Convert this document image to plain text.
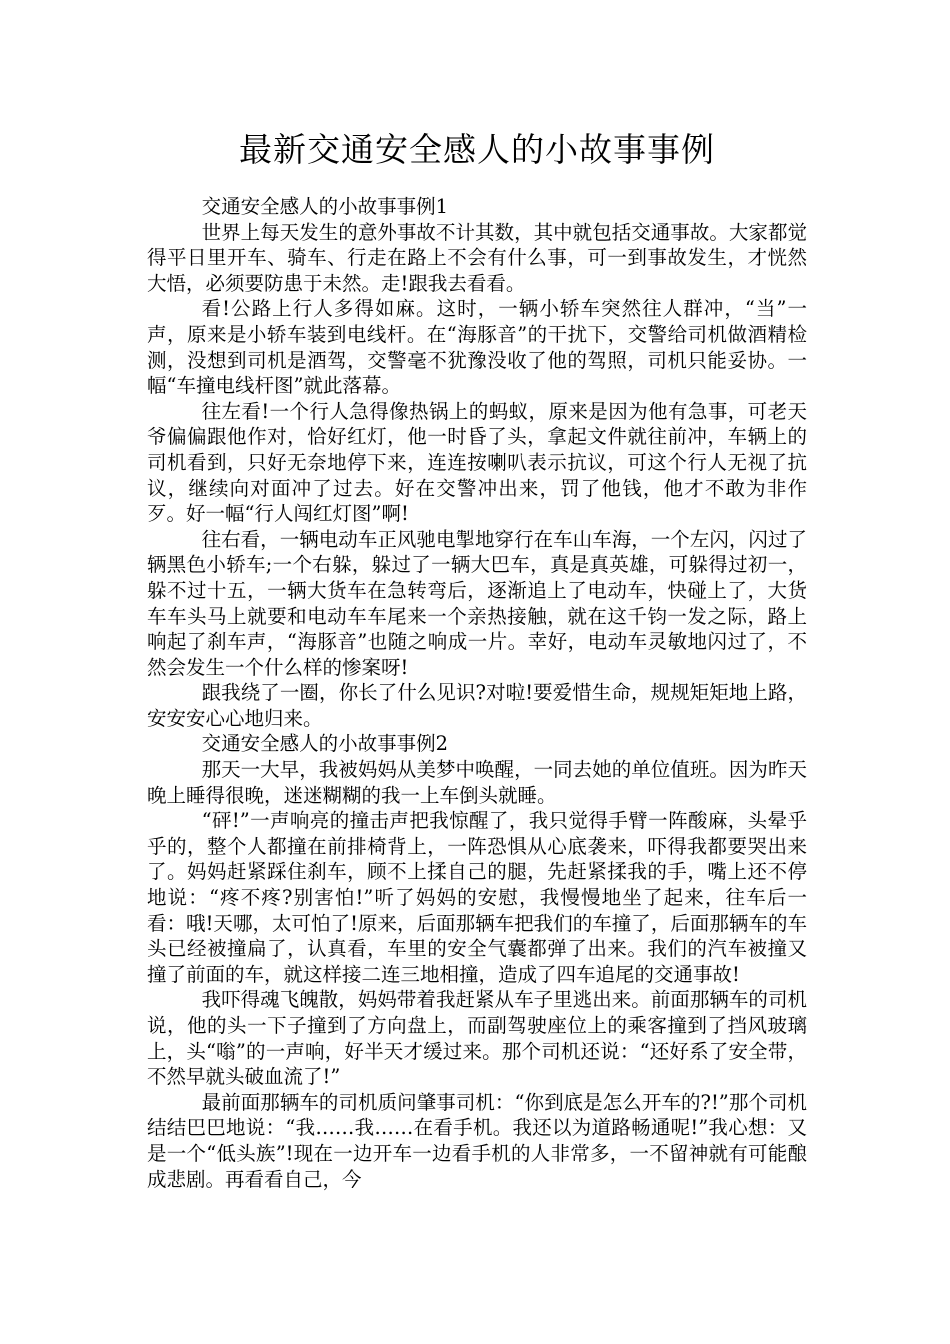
最新交通安全感人的小故事事例

交通安全感人的小故事事例1

世界上每天发生的意外事故不计其数，其中就包括交通事故。大家都觉得平日里开车、骑车、行走在路上不会有什么事，可一到事故发生，才恍然大悟，必须要防患于未然。走!跟我去看看。

看!公路上行人多得如麻。这时，一辆小轿车突然往人群冲，“当”一声，原来是小轿车装到电线杆。在“海豚音”的干扰下，交警给司机做酒精检测，没想到司机是酒驾，交警毫不犹豫没收了他的驾照，司机只能妥协。一幅“车撞电线杆图”就此落幕。

往左看!一个行人急得像热锅上的蚂蚁，原来是因为他有急事，可老天爷偏偏跟他作对，恰好红灯，他一时昏了头，拿起文件就往前冲，车辆上的司机看到，只好无奈地停下来，连连按喇叭表示抗议，可这个行人无视了抗议，继续向对面冲了过去。好在交警冲出来，罚了他钱，他才不敢为非作歹。好一幅“行人闯红灯图”啊!

往右看，一辆电动车正风驰电掣地穿行在车山车海，一个左闪，闪过了辆黑色小轿车;一个右躲，躲过了一辆大巴车，真是真英雄，可躲得过初一，躲不过十五，一辆大货车在急转弯后，逐渐追上了电动车，快碰上了，大货车车头马上就要和电动车车尾来一个亲热接触，就在这千钧一发之际，路上响起了刹车声，“海豚音”也随之响成一片。幸好，电动车灵敏地闪过了，不然会发生一个什么样的惨案呀!

跟我绕了一圈，你长了什么见识?对啦!要爱惜生命，规规矩矩地上路，安安安心心地归来。

交通安全感人的小故事事例2

那天一大早，我被妈妈从美梦中唤醒，一同去她的单位值班。因为昨天晚上睡得很晚，迷迷糊糊的我一上车倒头就睡。

“砰!”一声响亮的撞击声把我惊醒了，我只觉得手臂一阵酸麻，头晕乎乎的，整个人都撞在前排椅背上，一阵恐惧从心底袭来，吓得我都要哭出来了。妈妈赶紧踩住刹车，顾不上揉自己的腿，先赶紧揉我的手，嘴上还不停地说：“疼不疼?别害怕!”听了妈妈的安慰，我慢慢地坐了起来，往车后一看：哦!天哪，太可怕了!原来，后面那辆车把我们的车撞了，后面那辆车的车头已经被撞扁了，认真看，车里的安全气囊都弹了出来。我们的汽车被撞又撞了前面的车，就这样接二连三地相撞，造成了四车追尾的交通事故!

我吓得魂飞魄散，妈妈带着我赶紧从车子里逃出来。前面那辆车的司机说，他的头一下子撞到了方向盘上，而副驾驶座位上的乘客撞到了挡风玻璃上，头“嗡”的一声响，好半天才缓过来。那个司机还说：“还好系了安全带，不然早就头破血流了!”

最前面那辆车的司机质问肇事司机：“你到底是怎么开车的?!”那个司机结结巴巴地说：“我……我……在看手机。我还以为道路畅通呢!”我心想：又是一个“低头族”!现在一边开车一边看手机的人非常多，一不留神就有可能酿成悲剧。再看看自己，今
